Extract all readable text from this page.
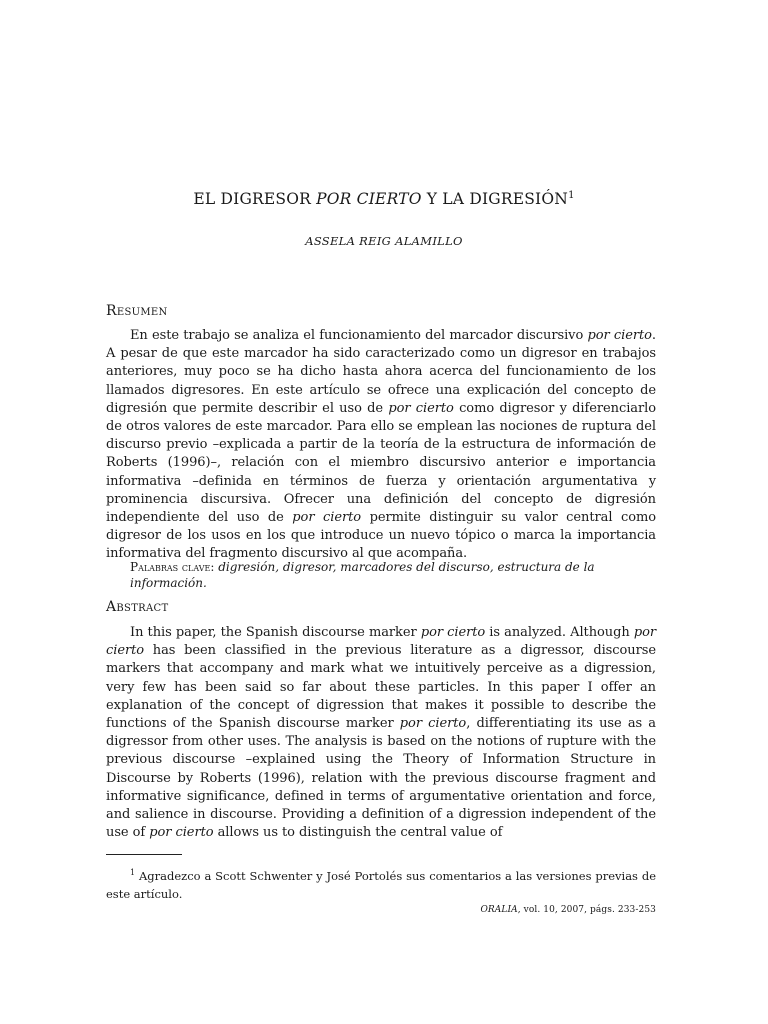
EL DIGRESOR POR CIERTO Y LA DIGRESIÓN$^1$
ASSELA REIG ALAMILLO
Resumen

En este trabajo se analiza el funcionamiento del marcador discursivo por cierto. A pesar de que este marcador ha sido caracterizado como un digresor en trabajos anteriores, muy poco se ha dicho hasta ahora acerca del funcionamiento de los llamados digresores. En este artículo se ofrece una explicación del concepto de digresión que permite describir el uso de por cierto como digresor y diferenciarlo de otros valores de este marcador. Para ello se emplean las nociones de ruptura del discurso previo –explicada a partir de la teoría de la estructura de información de Roberts (1996)–, relación con el miembro discursivo anterior e importancia informativa –definida en términos de fuerza y orientación argumentativa y prominencia discursiva. Ofrecer una definición del concepto de digresión independiente del uso de por cierto permite distinguir su valor central como digresor de los usos en los que introduce un nuevo tópico o marca la importancia informativa del fragmento discursivo al que acompaña.

Palabras clave: digresión, digresor, marcadores del discurso, estructura de la información.
Abstract

In this paper, the Spanish discourse marker por cierto is analyzed. Although por cierto has been classified in the previous literature as a digressor, discourse markers that accompany and mark what we intuitively perceive as a digression, very few has been said so far about these particles. In this paper I offer an explanation of the concept of digression that makes it possible to describe the functions of the Spanish discourse marker por cierto, differentiating its use as a digressor from other uses. The analysis is based on the notions of rupture with the previous discourse –explained using the Theory of Information Structure in Discourse by Roberts (1996), relation with the previous discourse fragment and informative significance, defined in terms of argumentative orientation and force, and salience in discourse. Providing a definition of a digression independent of the use of por cierto allows us to distinguish the central value of

$^1$ Agradezco a Scott Schwenter y José Portolés sus comentarios a las versiones previas de este artículo.

ORALIA, vol. 10, 2007, págs. 233-253
